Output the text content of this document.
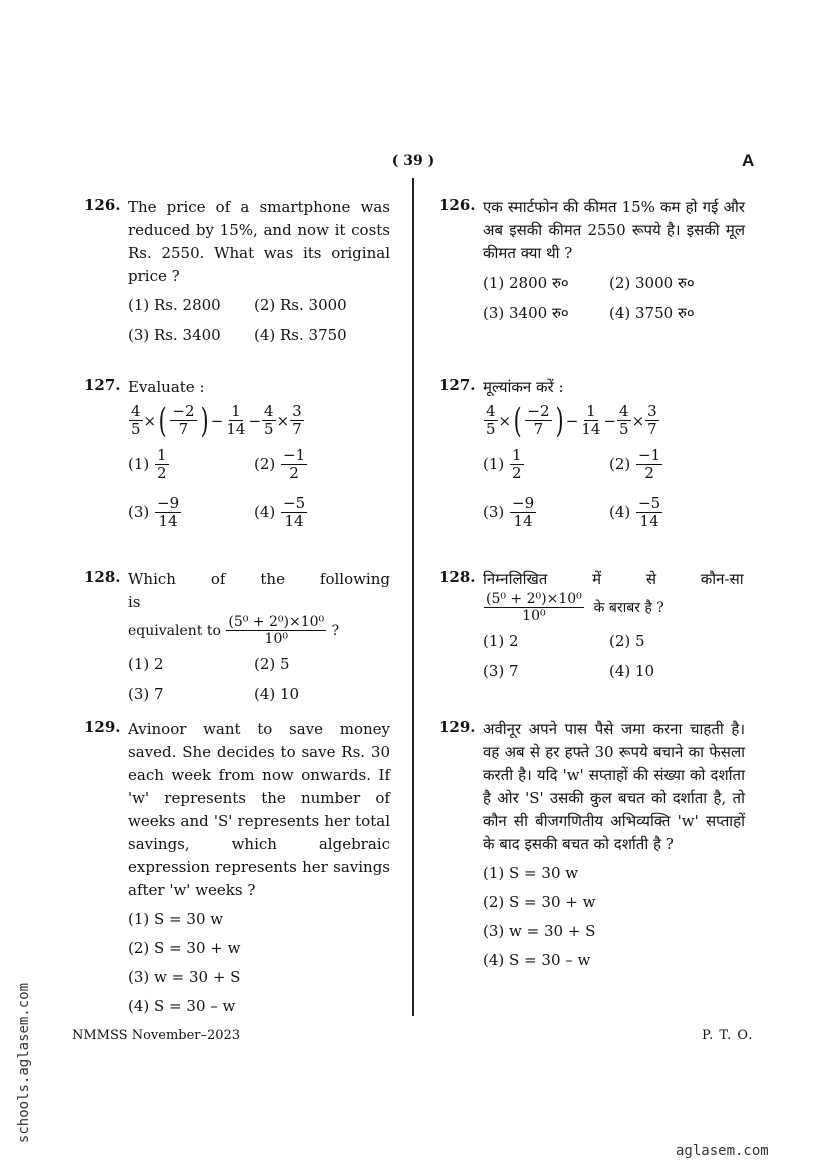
( 39 )	A
126. The price of a smartphone was reduced by 15%, and now it costs Rs. 2550. What was its original price ?
(1) Rs. 2800 (2) Rs. 3000
(3) Rs. 3400 (4) Rs. 3750
127. Evaluate :
$\frac{4}{5}$ × ( $\frac{-2}{7}$ ) − $\frac{1}{14} - \frac{4}{5} \times \frac{3}{7}$
$(1) \frac{1}{2}$	$(2) \frac{-1}{2}$
$(3) \frac{-9}{14}$	$(4) \frac{-5}{14}$
128. Which of the following is
equivalent to
$\frac{\text{(5⁰ + 2⁰)×10⁰}}{\text{10⁰}}$
?
(1) 2	(2) 5
(3) 7	(4) 10
129. Avinoor want to save money saved. She decides to save Rs. 30 each week from now onwards. If 'w' represents the number of weeks and 'S' represents her total savings, which algebraic expression represents her savings after 'w' weeks ?
(1) S = 30 w
(2) S = 30 + w
(3) w = 30 + S
(4) S = 30 – w
126. एक स्मार्टफोन की कीमत 15% कम हो गई और अब इसकी कीमत 2550 रूपये है। इसकी मूल कीमत क्या थी ?
(1) 2800 रु०	(2) 3000 रु०
(3) 3400 रु०	(4) 3750 रु०
127. मूल्यांकन करें :
$\frac{4}{5}$ × ( $\frac{-2}{7}$ ) − $\frac{1}{14} - \frac{4}{5} \times \frac{3}{7}$
$(1) \frac{1}{2}$	$(2) \frac{-1}{2}$
$(3) \frac{-9}{14}$	$(4) \frac{-5}{14}$
128. निम्नलिखित में से कौन-सा
$\frac{\text{(5⁰ + 2⁰)×10⁰}}{\text{10⁰}}$
के बराबर है ?
(1) 2	(2) 5
(3) 7	(4) 10
129. अवीनूर अपने पास पैसे जमा करना चाहती है। वह अब से हर हफ्ते 30 रूपये बचाने का फेसला करती है। यदि 'w' सप्ताहों की संख्या को दर्शाता है ओर 'S' उसकी कुल बचत को दर्शाता है, तो कौन सी बीजगणितीय अभिव्यक्ति 'w' सप्ताहों के बाद इसकी बचत को दर्शाती है ?
(1) S = 30 w
(2) S = 30 + w
(3) w = 30 + S
(4) S = 30 – w
NMMSS November–2023	P. T. O.
aglasem.com
schools.aglasem.com
